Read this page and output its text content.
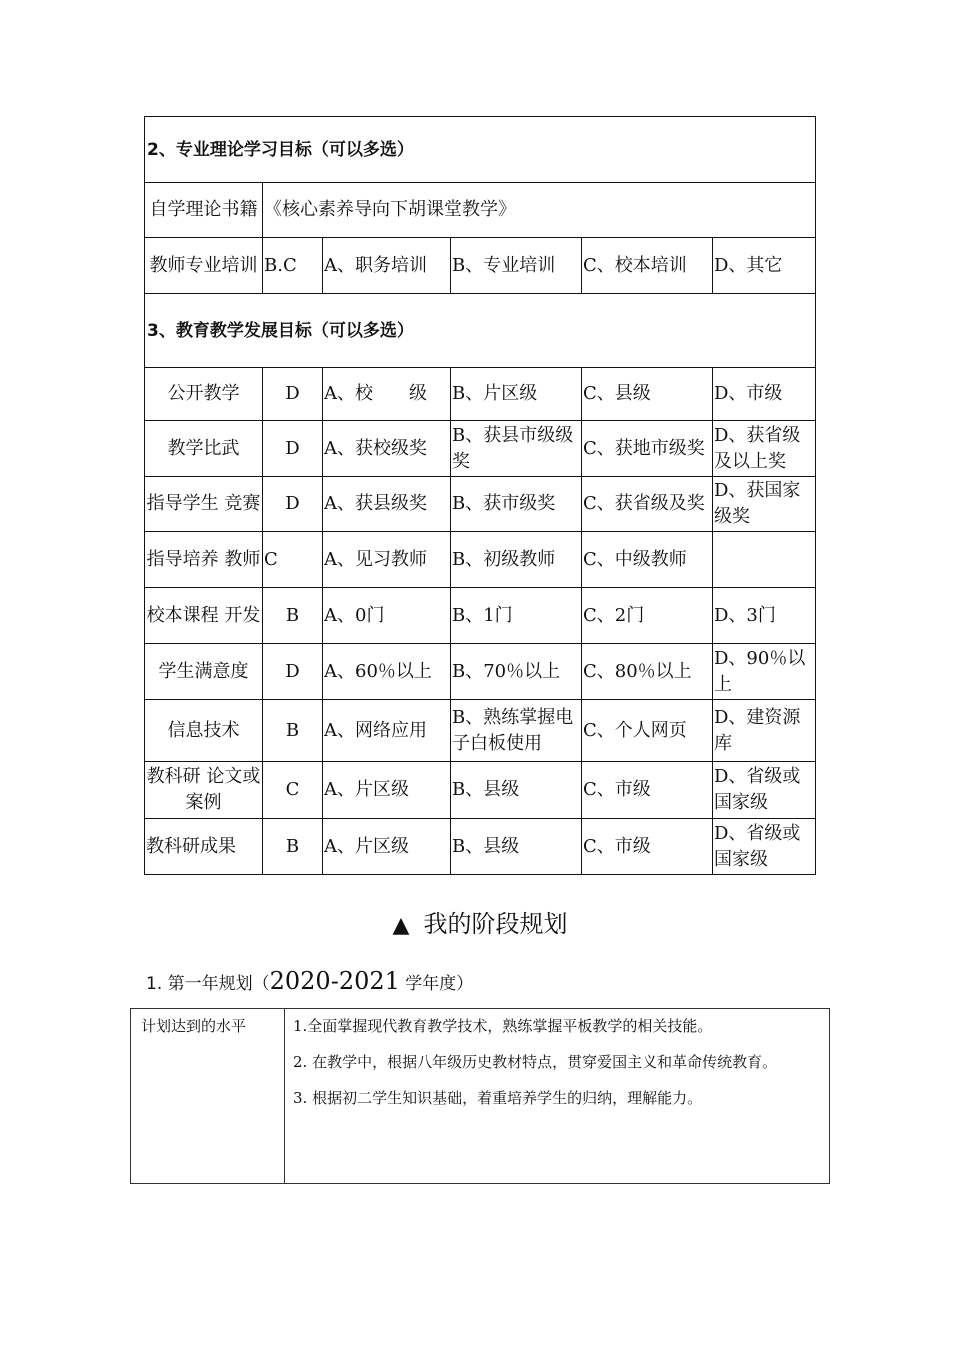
2、专业理论学习目标（可以多选）					
自学理论书籍	《核心素养导向下胡课堂教学》				
教师专业培训	B.C	A、职务培训	B、专业培训	C、校本培训	D、其它
3、教育教学发展目标（可以多选）					
公开教学	D	A、校　　级	B、片区级	C、县级	D、市级
教学比武	D	A、获校级奖	B、获县市级级奖	C、获地市级奖	D、获省级及以上奖
指导学生 竞赛	D	A、获县级奖	B、获市级奖	C、获省级及奖	D、获国家级奖
指导培养 教师	C	A、见习教师	B、初级教师	C、中级教师	
校本课程 开发	B	A、0门	B、1门	C、2门	D、3门
学生满意度	D	A、60％以上	B、70％以上	C、80％以上	D、90％以上
信息技术	B	A、网络应用	B、熟练掌握电子白板使用	C、个人网页	D、建资源库
教科研 论文或案例	C	A、片区级	B、县级	C、市级	D、省级或国家级
教科研成果	B	A、片区级	B、县级	C、市级	D、省级或国家级
▲ 我的阶段规划
1. 第一年规划（2020-2021 学年度）
计划达到的水平	1.全面掌握现代教育教学技术，熟练掌握平板教学的相关技能。

2. 在教学中，根据八年级历史教材特点，贯穿爱国主义和革命传统教育。

3. 根据初二学生知识基础，着重培养学生的归纳，理解能力。
